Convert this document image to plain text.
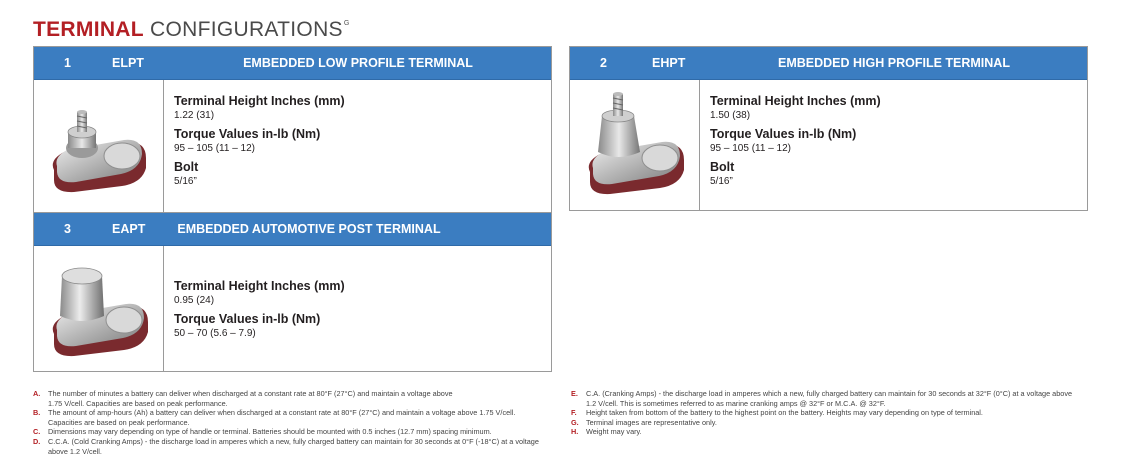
TERMINAL $CONFIGURATIONS^G$
1	ELPT	EMBEDDED LOW PROFILE TERMINAL
Terminal Height Inches (mm)
1.22 (31)
Torque Values in-lb (Nm)
95 – 105 (11 – 12)
Bolt
5/16”
3	EAPT	EMBEDDED AUTOMOTIVE POST TERMINAL
Terminal Height Inches (mm)
0.95 (24)
Torque Values in-lb (Nm)
50 – 70 (5.6 – 7.9)
2	EHPT	EMBEDDED HIGH PROFILE TERMINAL
Terminal Height Inches (mm)
1.50 (38)
Torque Values in-lb (Nm)
95 – 105 (11 – 12)
Bolt
5/16”
A. The number of minutes a battery can deliver when discharged at a constant rate at 80°F (27°C) and maintain a voltage above
1.75 V/cell. Capacities are based on peak performance.
B. The amount of amp-hours (Ah) a battery can deliver when discharged at a constant rate at 80°F (27°C) and maintain a voltage above 1.75 V/cell.
Capacities are based on peak performance.
C. Dimensions may vary depending on type of handle or terminal. Batteries should be mounted with 0.5 inches (12.7 mm) spacing minimum.
D. C.C.A. (Cold Cranking Amps) - the discharge load in amperes which a new, fully charged battery can maintain for 30 seconds at 0°F (-18°C) at a voltage
above 1.2 V/cell.
E. C.A. (Cranking Amps) - the discharge load in amperes which a new, fully charged battery can maintain for 30 seconds at 32°F (0°C) at a voltage above
1.2 V/cell. This is sometimes referred to as marine cranking amps @ 32°F or M.C.A. @ 32°F.
F. Height taken from bottom of the battery to the highest point on the battery. Heights may vary depending on type of terminal.
G. Terminal images are representative only.
H. Weight may vary.
